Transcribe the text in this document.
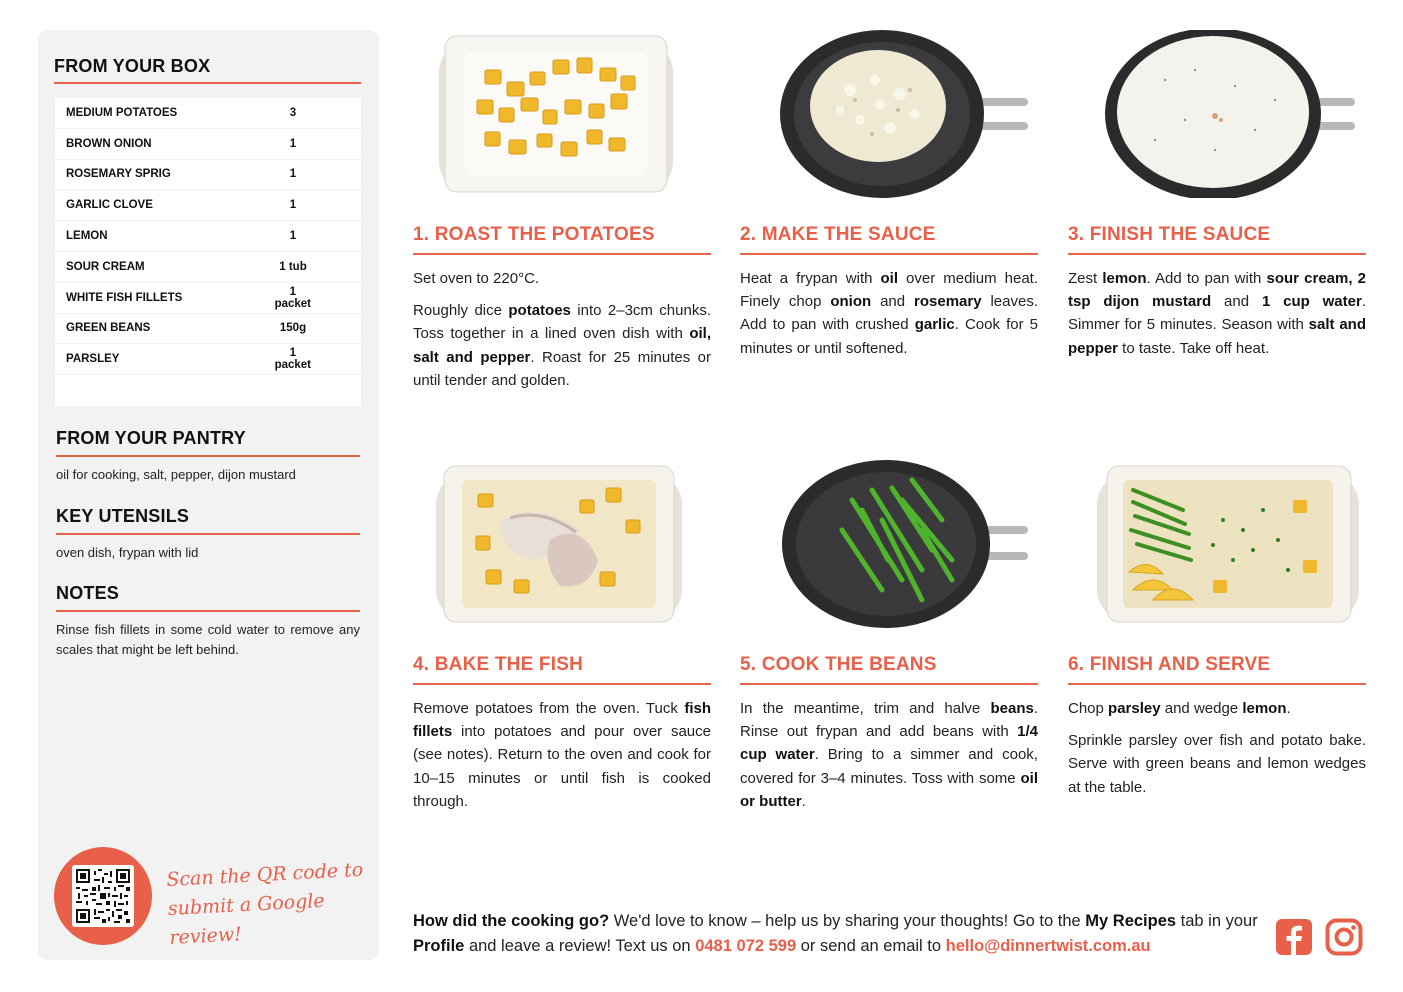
FROM YOUR BOX
MEDIUM POTATOES	3
BROWN ONION	1
ROSEMARY SPRIG	1
GARLIC CLOVE	1
LEMON	1
SOUR CREAM	1 tub
WHITE FISH FILLETS	1 packet
GREEN BEANS	150g
PARSLEY	1 packet
FROM YOUR PANTRY
oil for cooking, salt, pepper, dijon mustard
KEY UTENSILS
oven dish, frypan with lid
NOTES
Rinse fish fillets in some cold water to remove any scales that might be left behind.
Scan the QR code to
submit a Google review!
1. ROAST THE POTATOES

Set oven to 220°C.

Roughly dice potatoes into 2–3cm chunks. Toss together in a lined oven dish with oil, salt and pepper. Roast for 25 minutes or until tender and golden.

2. MAKE THE SAUCE

Heat a frypan with oil over medium heat. Finely chop onion and rosemary leaves. Add to pan with crushed garlic. Cook for 5 minutes or until softened.

3. FINISH THE SAUCE

Zest lemon. Add to pan with sour cream, 2 tsp dijon mustard and 1 cup water. Simmer for 5 minutes. Season with salt and pepper to taste. Take off heat.

4. BAKE THE FISH

Remove potatoes from the oven. Tuck fish fillets into potatoes and pour over sauce (see notes). Return to the oven and cook for 10–15 minutes or until fish is cooked through.

5. COOK THE BEANS

In the meantime, trim and halve beans. Rinse out frypan and add beans with 1/4 cup water. Bring to a simmer and cook, covered for 3–4 minutes. Toss with some oil or butter.

6. FINISH AND SERVE

Chop parsley and wedge lemon.

Sprinkle parsley over fish and potato bake. Serve with green beans and lemon wedges at the table.

How did the cooking go? We'd love to know – help us by sharing your thoughts! Go to the My Recipes tab in your Profile and leave a review! Text us on 0481 072 599 or send an email to hello@dinnertwist.com.au
